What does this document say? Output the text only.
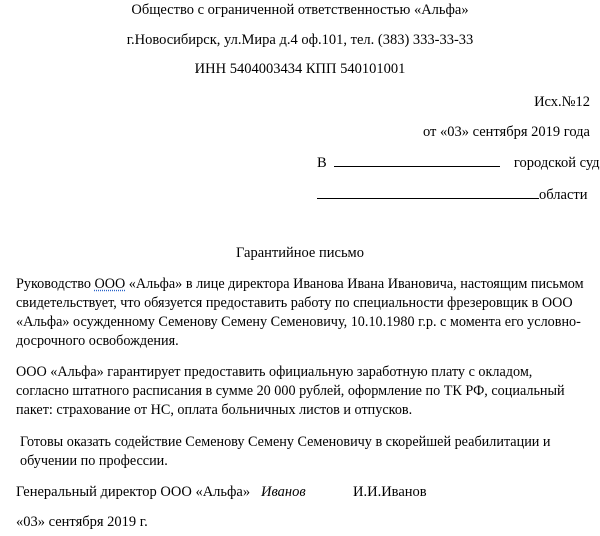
Общество с ограниченной ответственностью «Альфа»
г.Новосибирск, ул.Мира д.4 оф.101, тел. (383) 333-33-33
ИНН 5404003434 КПП 540101001
Исх.№12
от «03» сентября 2019 года
В	городской суд
области
Гарантийное письмо
Руководство ООО «Альфа» в лице директора Иванова Ивана Ивановича, настоящим письмом свидетельствует, что обязуется предоставить работу по специальности фрезеровщик в ООО «Альфа» осужденному Семенову Семену Семеновичу, 10.10.1980 г.р. с момента его условно-досрочного освобождения.
ООО «Альфа» гарантирует предоставить официальную заработную плату с окладом, согласно штатного расписания в сумме 20 000 рублей, оформление по ТК РФ, социальный пакет: страхование от НС, оплата больничных листов и отпусков.
Готовы оказать содействие Семенову Семену Семеновичу в скорейшей реабилитации и обучении по профессии.
Генеральный директор ООО «Альфа» Иванов	И.И.Иванов
«03» сентября 2019 г.
